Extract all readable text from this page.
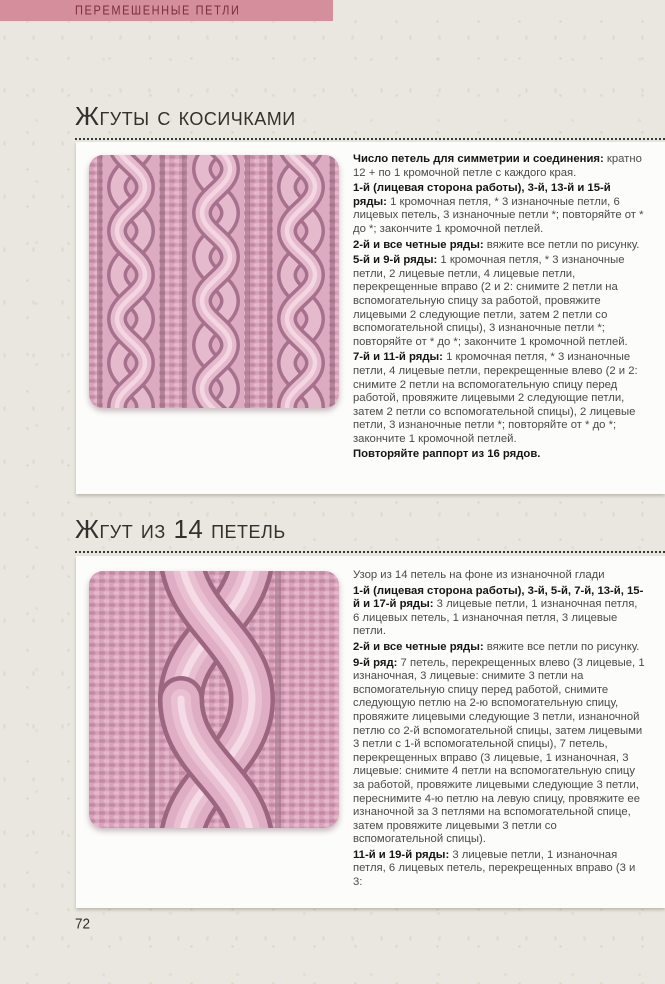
ПЕРЕМЕШЕННЫЕ ПЕТЛИ
Жгуты с косичками

Число петель для симметрии и соединения: кратно 12 + по 1 кромочной петле с каждого края.

1-й (лицевая сторона работы), 3-й, 13-й и 15-й ряды: 1 кромочная петля, * 3 изнаночные петли, 6 лицевых петель, 3 изнаночные петли *; повторяйте от * до *; закончите 1 кромочной петлей.

2-й и все четные ряды: вяжите все петли по рисунку.

5-й и 9-й ряды: 1 кромочная петля, * 3 изнаночные петли, 2 лицевые петли, 4 лицевые петли, перекрещенные вправо (2 и 2: снимите 2 петли на вспомогательную спицу за работой, провяжите лицевыми 2 следующие петли, затем 2 петли со вспомогательной спицы), 3 изнаночные петли *; повторяйте от * до *; закончите 1 кромочной петлей.

7-й и 11-й ряды: 1 кромочная петля, * 3 изнаночные петли, 4 лицевые петли, перекрещенные влево (2 и 2: снимите 2 петли на вспомогательную спицу перед работой, провяжите лицевыми 2 следующие петли, затем 2 петли со вспомогательной спицы), 2 лицевые петли, 3 изнаночные петли *; повторяйте от * до *; закончите 1 кромочной петлей.

Повторяйте раппорт из 16 рядов.

Жгут из 14 петель

Узор из 14 петель на фоне из изнаночной глади

1-й (лицевая сторона работы), 3-й, 5-й, 7-й, 13-й, 15-й и 17-й ряды: 3 лицевые петли, 1 изнаночная петля, 6 лицевых петель, 1 изнаночная петля, 3 лицевые петли.

2-й и все четные ряды: вяжите все петли по рисунку.

9-й ряд: 7 петель, перекрещенных влево (3 лицевые, 1 изнаночная, 3 лицевые: снимите 3 петли на вспомогательную спицу перед работой, снимите следующую петлю на 2-ю вспомогательную спицу, провяжите лицевыми следующие 3 петли, изнаночной петлю со 2-й вспомогательной спицы, затем лицевыми 3 петли с 1-й вспомогательной спицы), 7 петель, перекрещенных вправо (3 лицевые, 1 изнаночная, 3 лицевые: снимите 4 петли на вспомогательную спицу за работой, провяжите лицевыми следующие 3 петли, переснимите 4-ю петлю на левую спицу, провяжите ее изнаночной за 3 петлями на вспомогательной спице, затем провяжите лицевыми 3 петли со вспомогательной спицы).

11-й и 19-й ряды: 3 лицевые петли, 1 изнаночная петля, 6 лицевых петель, перекрещенных вправо (3 и 3:

72
